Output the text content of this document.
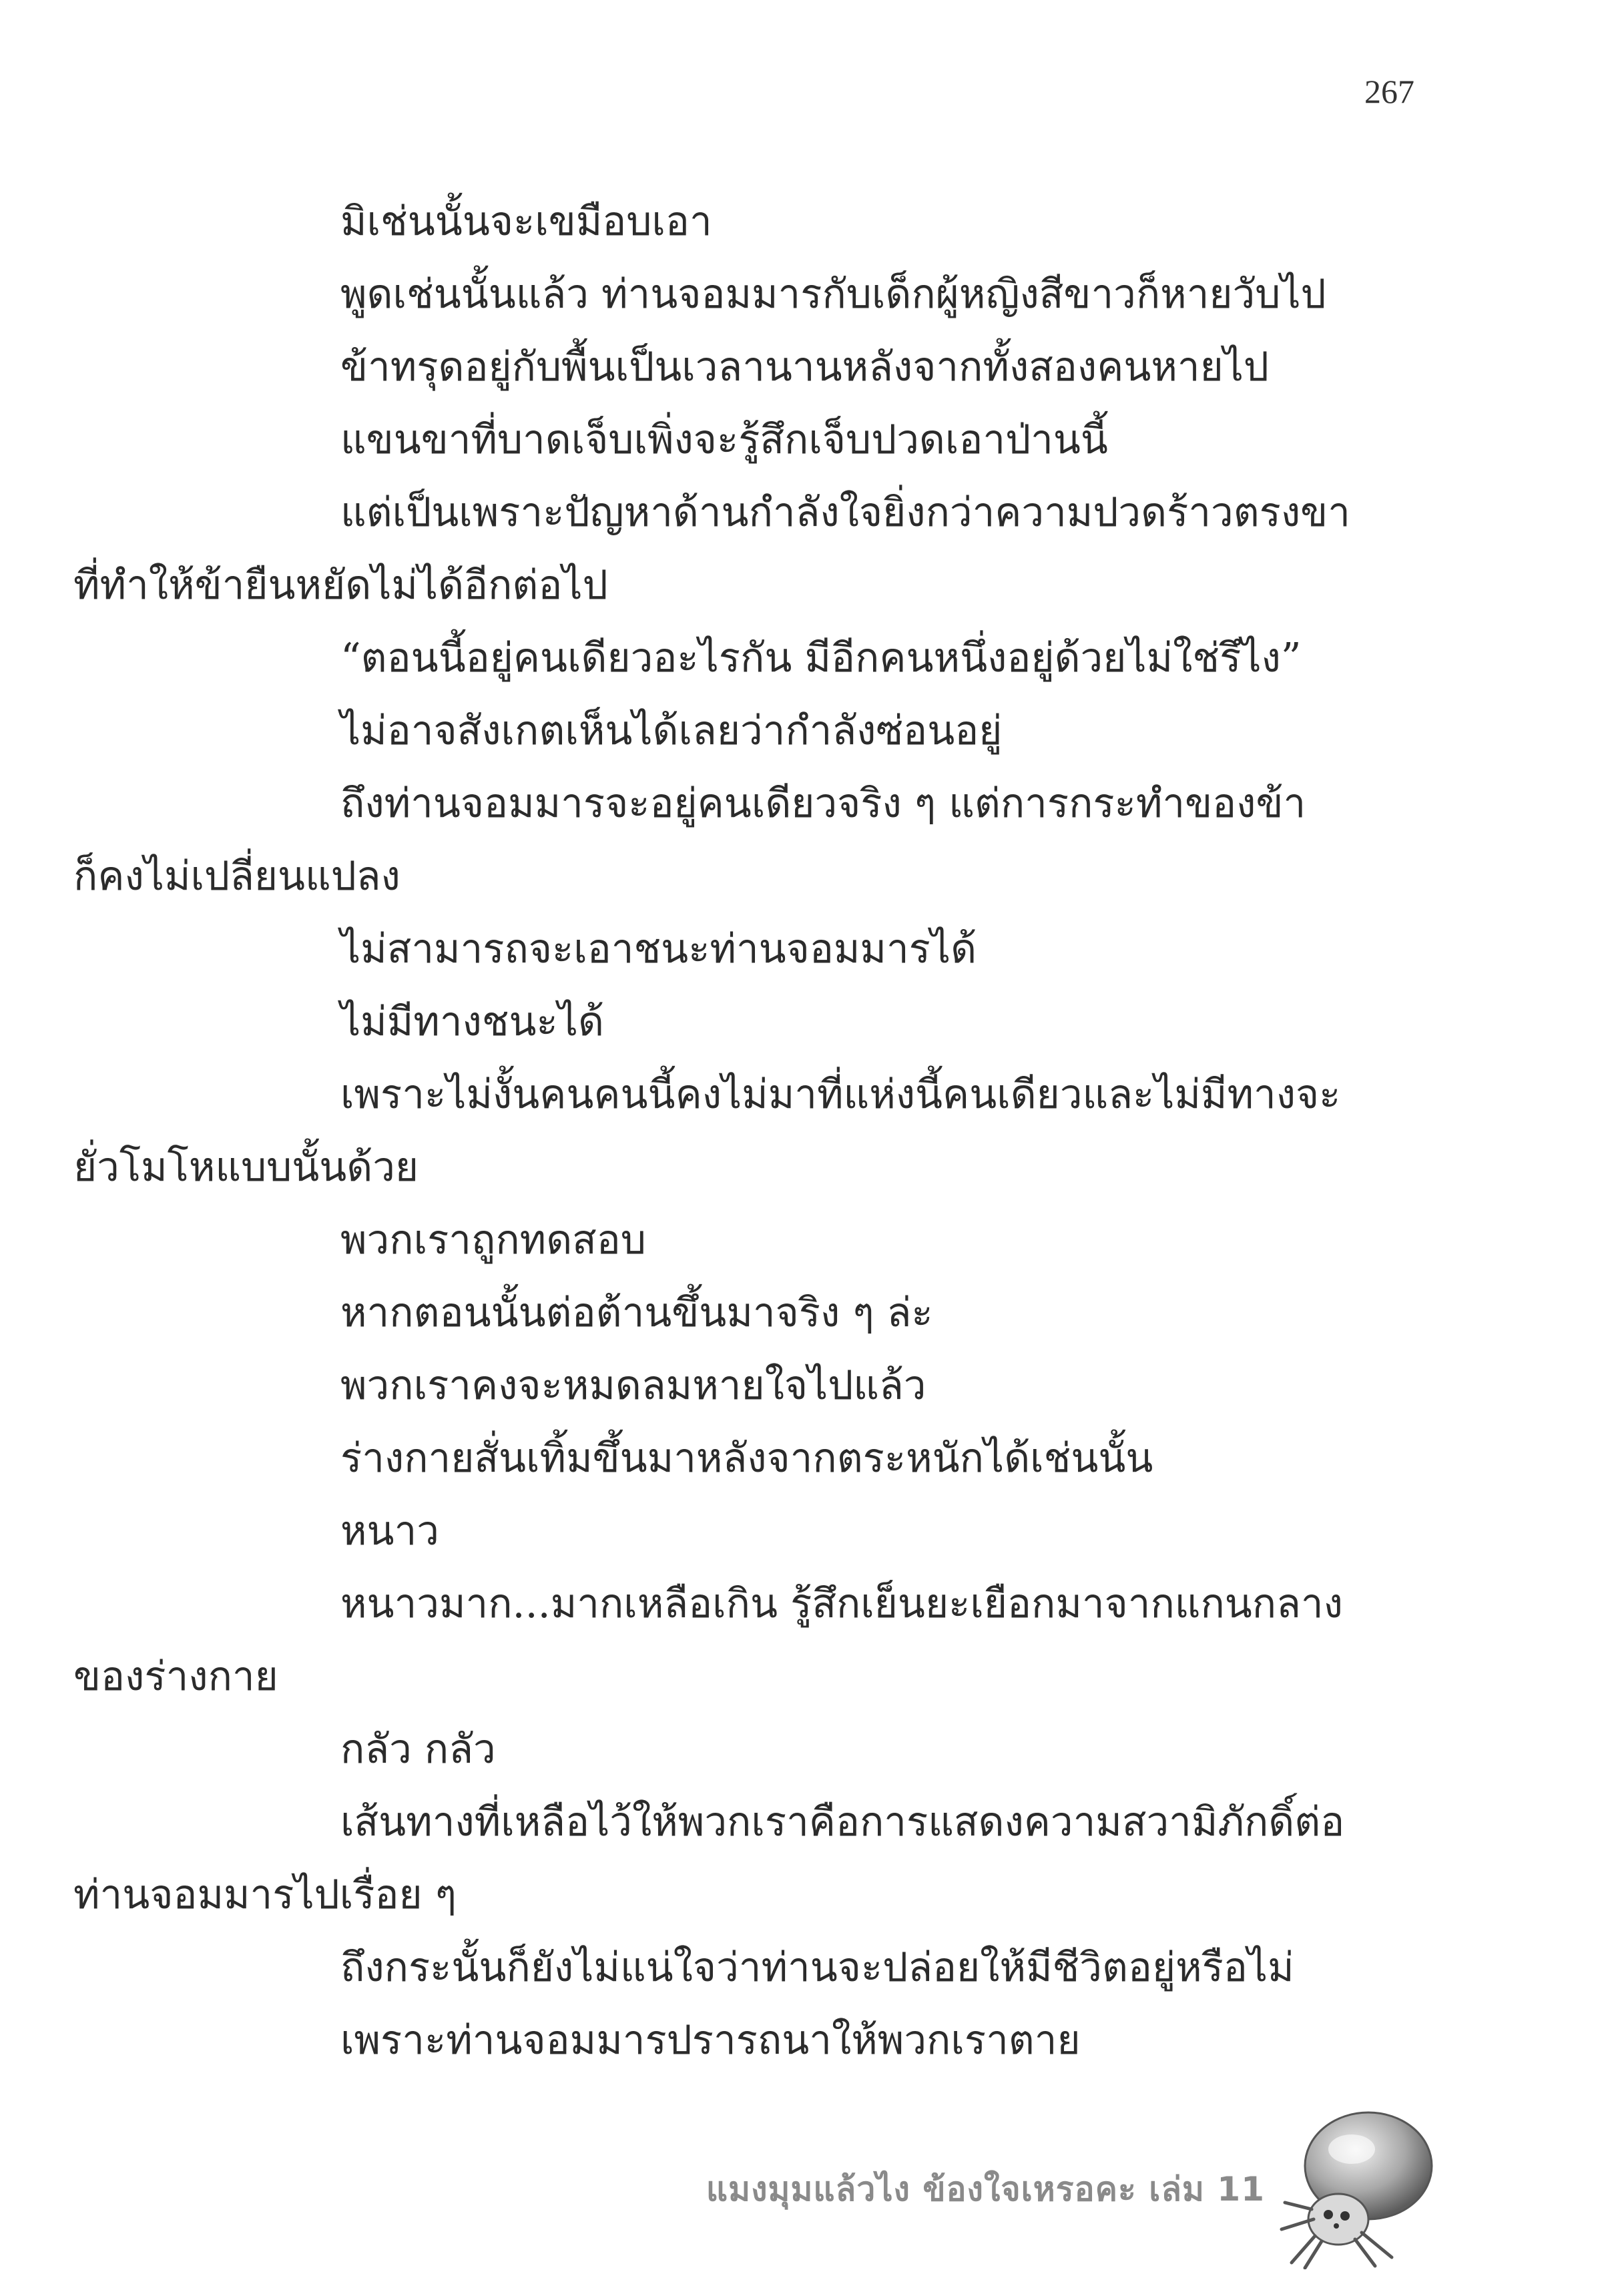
267

มิเช่นนั้นจะเขมือบเอา

พูดเช่นนั้นแล้ว ท่านจอมมารกับเด็กผู้หญิงสีขาวก็หายวับไป

ข้าทรุดอยู่กับพื้นเป็นเวลานานหลังจากทั้งสองคนหายไป

แขนขาที่บาดเจ็บเพิ่งจะรู้สึกเจ็บปวดเอาป่านนี้

แต่เป็นเพราะปัญหาด้านกำลังใจยิ่งกว่าความปวดร้าวตรงขา
ที่ทำให้ข้ายืนหยัดไม่ได้อีกต่อไป

“ตอนนี้อยู่คนเดียวอะไรกัน มีอีกคนหนึ่งอยู่ด้วยไม่ใช่รึไง”

ไม่อาจสังเกตเห็นได้เลยว่ากำลังซ่อนอยู่

ถึงท่านจอมมารจะอยู่คนเดียวจริง ๆ แต่การกระทำของข้า
ก็คงไม่เปลี่ยนแปลง

ไม่สามารถจะเอาชนะท่านจอมมารได้

ไม่มีทางชนะได้

เพราะไม่งั้นคนคนนี้คงไม่มาที่แห่งนี้คนเดียวและไม่มีทางจะ
ยั่วโมโหแบบนั้นด้วย

พวกเราถูกทดสอบ

หากตอนนั้นต่อต้านขึ้นมาจริง ๆ ล่ะ

พวกเราคงจะหมดลมหายใจไปแล้ว

ร่างกายสั่นเทิ้มขึ้นมาหลังจากตระหนักได้เช่นนั้น

หนาว

หนาวมาก...มากเหลือเกิน รู้สึกเย็นยะเยือกมาจากแกนกลาง
ของร่างกาย

กลัว กลัว

เส้นทางที่เหลือไว้ให้พวกเราคือการแสดงความสวามิภักดิ์ต่อ
ท่านจอมมารไปเรื่อย ๆ

ถึงกระนั้นก็ยังไม่แน่ใจว่าท่านจะปล่อยให้มีชีวิตอยู่หรือไม่

เพราะท่านจอมมารปรารถนาให้พวกเราตาย

แมงมุมแล้วไง ข้องใจเหรอคะ เล่ม 11
